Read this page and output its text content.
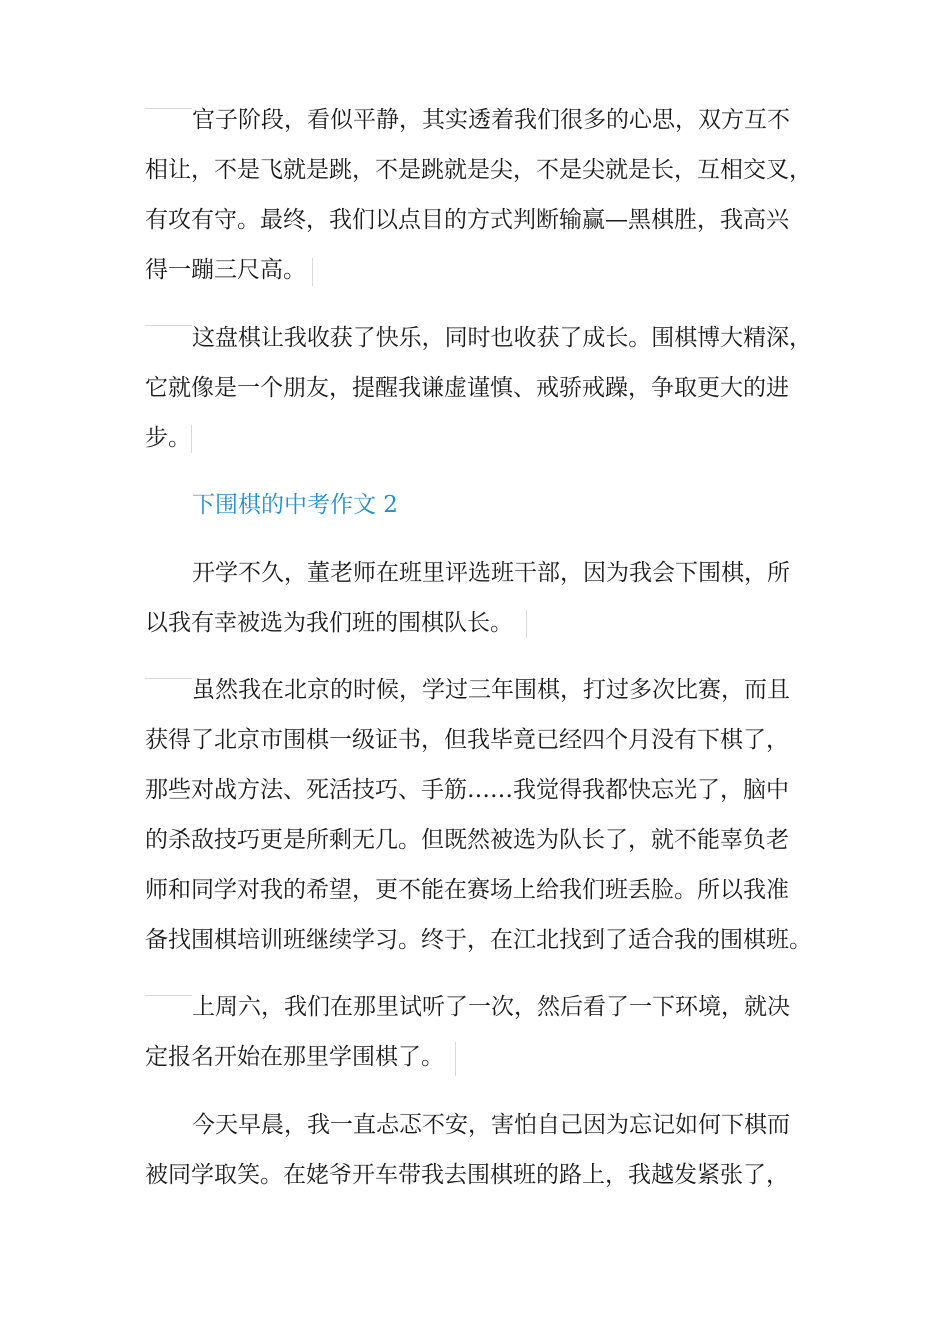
官子阶段，看似平静，其实透着我们很多的心思，双方互不
相让，不是飞就是跳，不是跳就是尖，不是尖就是长，互相交叉，
有攻有守。最终，我们以点目的方式判断输赢—黑棋胜，我高兴
得一蹦三尺高。
这盘棋让我收获了快乐，同时也收获了成长。围棋博大精深，
它就像是一个朋友，提醒我谦虚谨慎、戒骄戒躁，争取更大的进
步。
下围棋的中考作文 2
开学不久，董老师在班里评选班干部，因为我会下围棋，所
以我有幸被选为我们班的围棋队长。
虽然我在北京的时候，学过三年围棋，打过多次比赛，而且
获得了北京市围棋一级证书，但我毕竟已经四个月没有下棋了，
那些对战方法、死活技巧、手筋……我觉得我都快忘光了，脑中
的杀敌技巧更是所剩无几。但既然被选为队长了，就不能辜负老
师和同学对我的希望，更不能在赛场上给我们班丢脸。所以我准
备找围棋培训班继续学习。终于，在江北找到了适合我的围棋班。
上周六，我们在那里试听了一次，然后看了一下环境，就决
定报名开始在那里学围棋了。
今天早晨，我一直忐忑不安，害怕自己因为忘记如何下棋而
被同学取笑。在姥爷开车带我去围棋班的路上，我越发紧张了，
